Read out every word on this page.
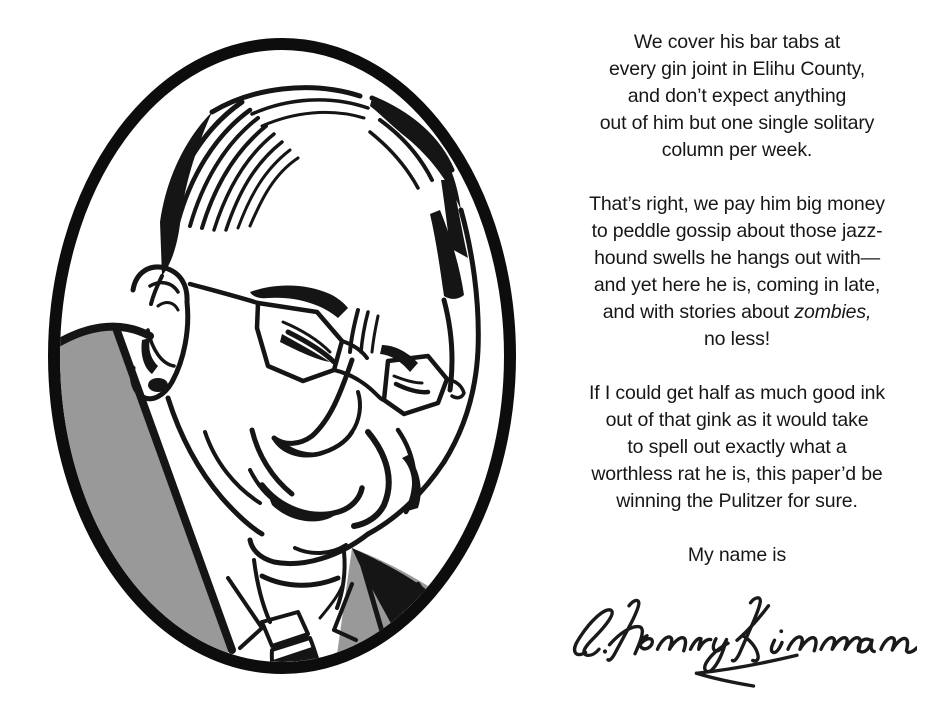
We cover his bar tabs at
every gin joint in Elihu County,
and don’t expect anything
out of him but one single solitary
column per week.

That’s right, we pay him big money
to peddle gossip about those jazz-
hound swells he hangs out with—
and yet here he is, coming in late,
and with stories about zombies,
no less!

If I could get half as much good ink
out of that gink as it would take
to spell out exactly what a
worthless rat he is, this paper’d be
winning the Pulitzer for sure.

My name is
